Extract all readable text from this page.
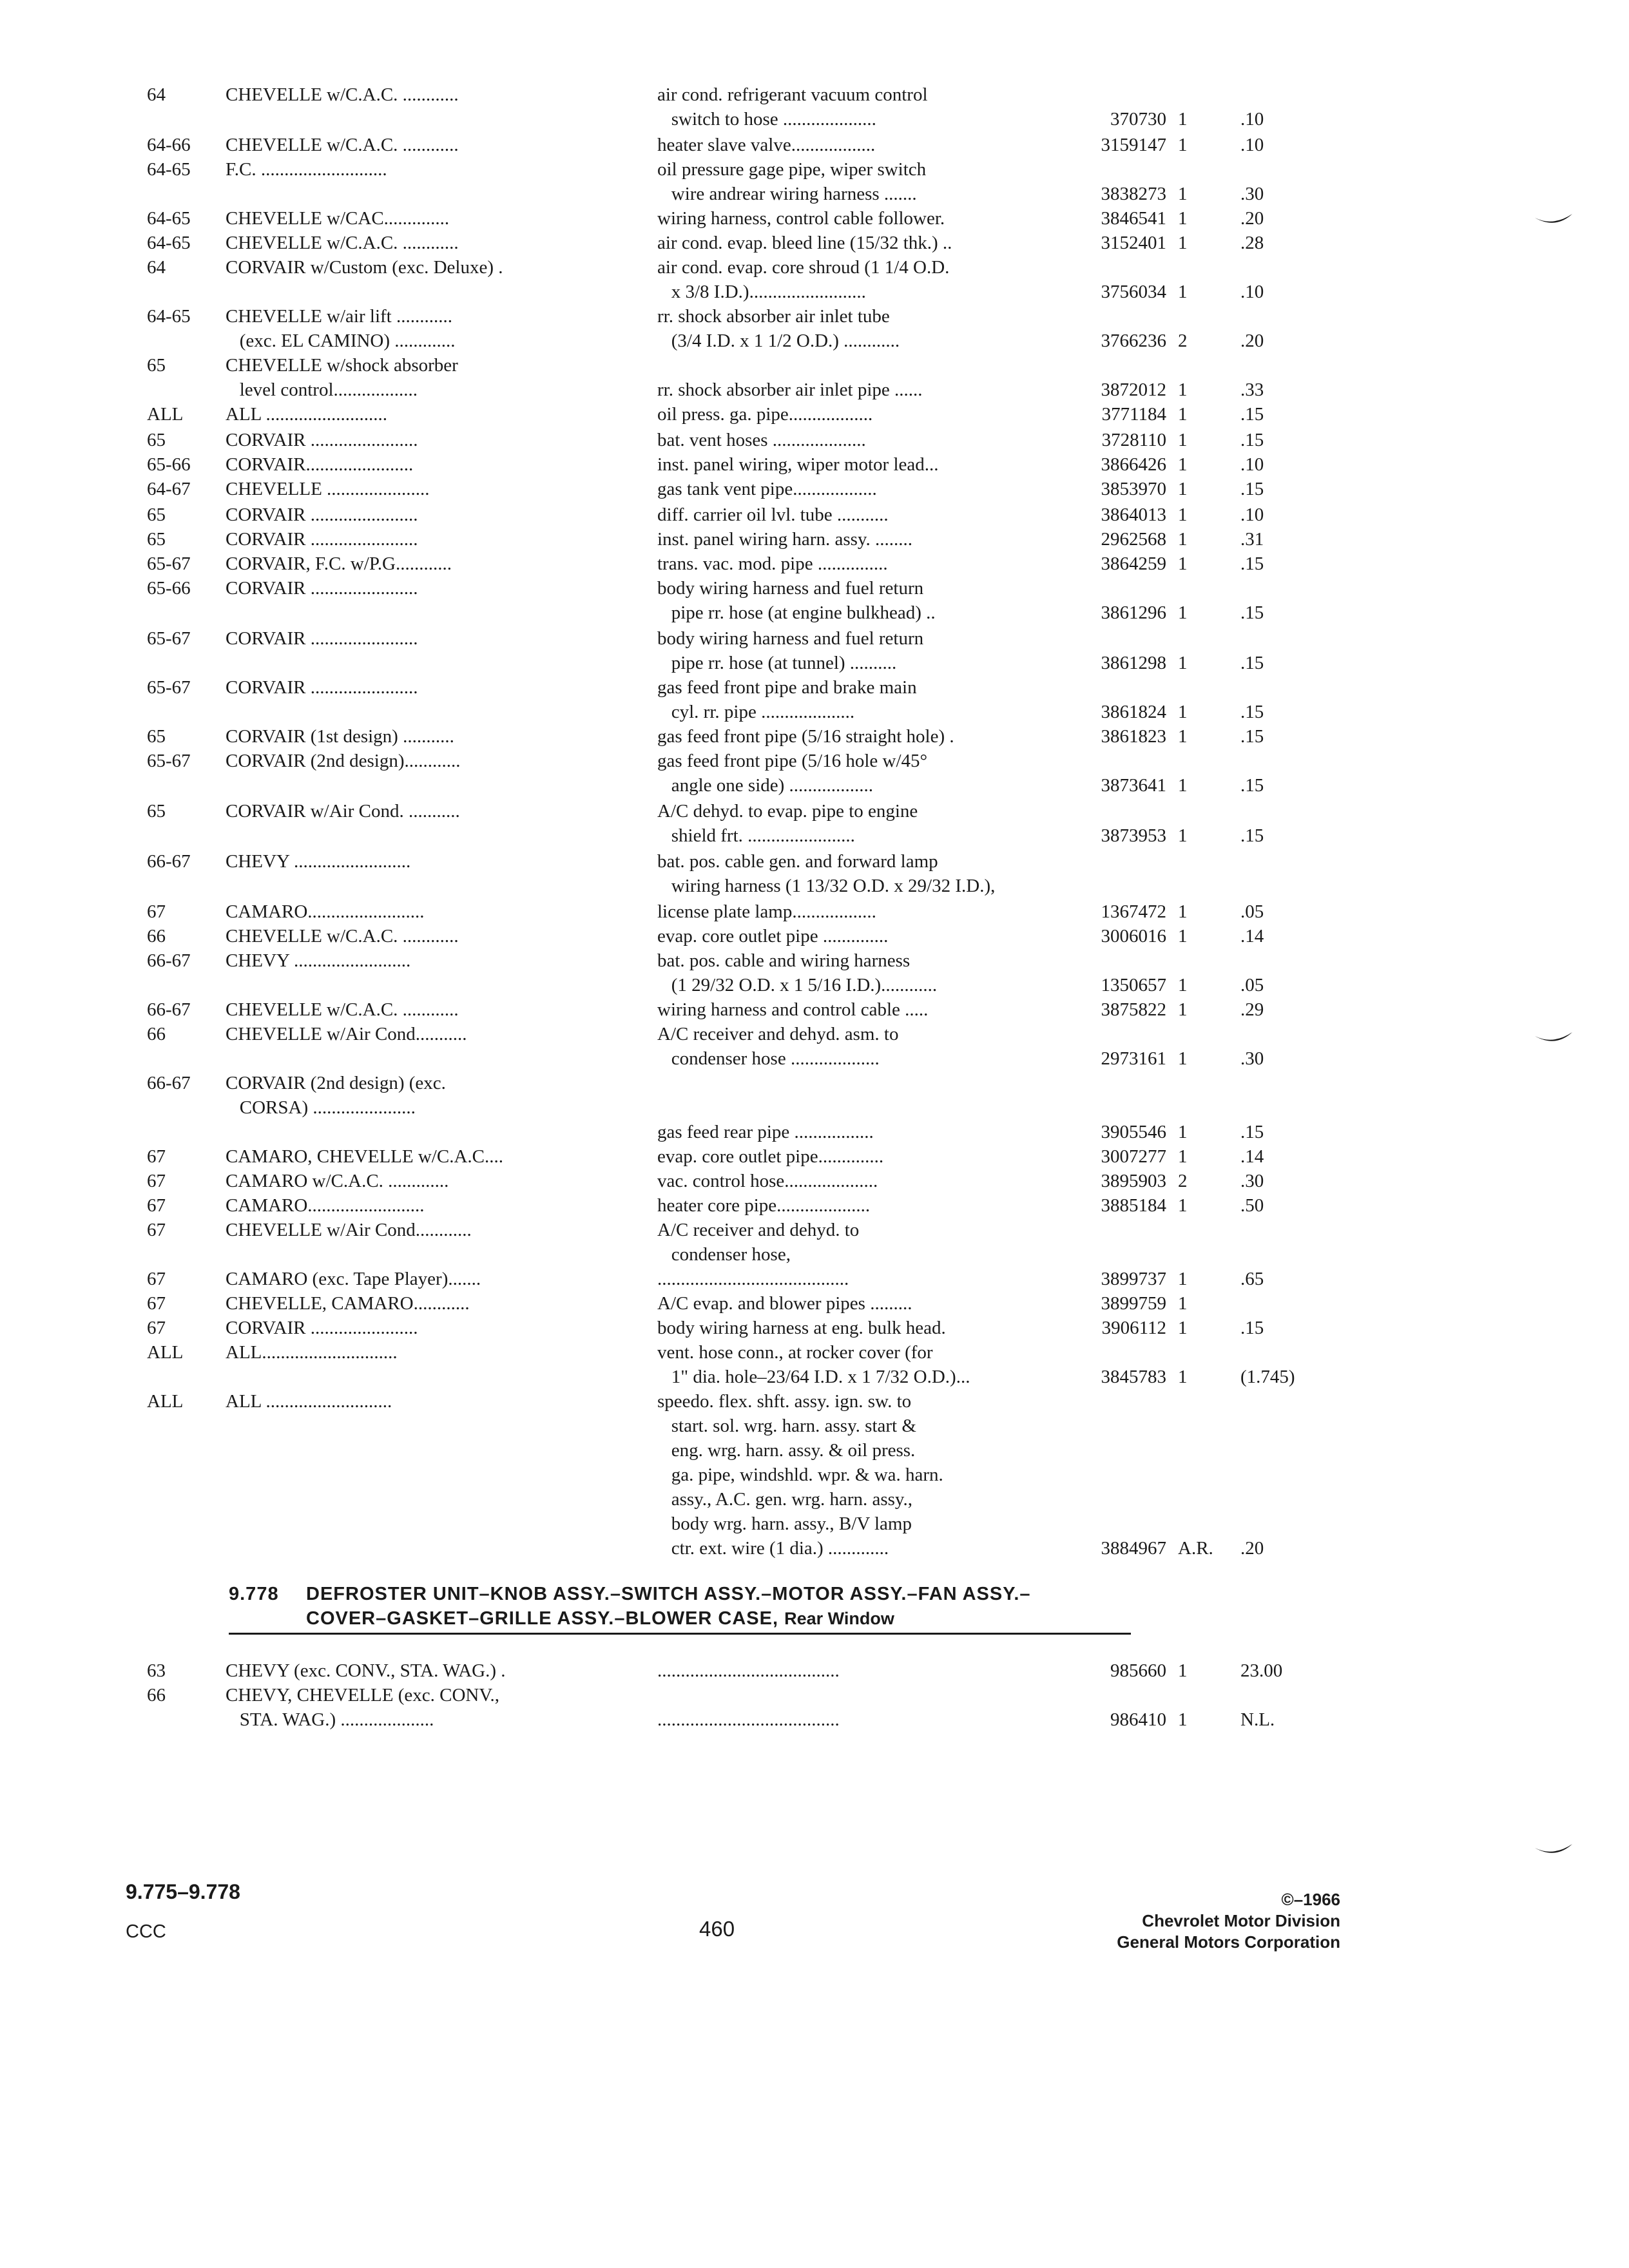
64	CHEVELLE w/C.A.C. ............	air cond. refrigerant vacuum control
switch to hose ....................	370730 1	.10
64-66	CHEVELLE w/C.A.C. ............	heater slave valve..................	3159147 1	.10
64-65	F.C. ...........................	oil pressure gage pipe, wiper switch
wire andrear wiring harness .......	3838273 1	.30
64-65	CHEVELLE w/CAC..............	wiring harness, control cable follower.	3846541 1	.20
64-65	CHEVELLE w/C.A.C. ............	air cond. evap. bleed line (15/32 thk.) ..	3152401 1	.28
64	CORVAIR w/Custom (exc. Deluxe) .	air cond. evap. core shroud (1 1/4 O.D.
x 3/8 I.D.).........................	3756034 1	.10
64-65	CHEVELLE w/air lift ............	rr. shock absorber air inlet tube
(exc. EL CAMINO) .............	(3/4 I.D. x 1 1/2 O.D.) ............	3766236 2	.20
65	CHEVELLE w/shock absorber
level control..................	rr. shock absorber air inlet pipe ......	3872012 1	.33
ALL	ALL ..........................	oil press. ga. pipe..................	3771184 1	.15
65	CORVAIR .......................	bat. vent hoses ....................	3728110 1	.15
65-66	CORVAIR.......................	inst. panel wiring, wiper motor lead...	3866426 1	.10
64-67	CHEVELLE ......................	gas tank vent pipe..................	3853970 1	.15
65	CORVAIR .......................	diff. carrier oil lvl. tube ...........	3864013 1	.10
65	CORVAIR .......................	inst. panel wiring harn. assy. ........	2962568 1	.31
65-67	CORVAIR, F.C. w/P.G............	trans. vac. mod. pipe ...............	3864259 1	.15
65-66	CORVAIR .......................	body wiring harness and fuel return
pipe rr. hose (at engine bulkhead) ..	3861296 1	.15
65-67	CORVAIR .......................	body wiring harness and fuel return
pipe rr. hose (at tunnel) ..........	3861298 1	.15
65-67	CORVAIR .......................	gas feed front pipe and brake main
cyl. rr. pipe ....................	3861824 1	.15
65	CORVAIR (1st design) ...........	gas feed front pipe (5/16 straight hole) .	3861823 1	.15
65-67	CORVAIR (2nd design)............	gas feed front pipe (5/16 hole w/45°
angle one side) ..................	3873641 1	.15
65	CORVAIR w/Air Cond. ...........	A/C dehyd. to evap. pipe to engine
shield frt. .......................	3873953 1	.15
66-67	CHEVY .........................	bat. pos. cable gen. and forward lamp
wiring harness (1 13/32 O.D. x 29/32 I.D.),
67	CAMARO.........................	license plate lamp..................	1367472 1	.05
66	CHEVELLE w/C.A.C. ............	evap. core outlet pipe ..............	3006016 1	.14
66-67	CHEVY .........................	bat. pos. cable and wiring harness
(1 29/32 O.D. x 1 5/16 I.D.)............	1350657 1	.05
66-67	CHEVELLE w/C.A.C. ............	wiring harness and control cable .....	3875822 1	.29
66	CHEVELLE w/Air Cond...........	A/C receiver and dehyd. asm. to
condenser hose ...................	2973161 1	.30
66-67	CORVAIR (2nd design) (exc.
CORSA) ......................
gas feed rear pipe .................	3905546 1	.15
67	CAMARO, CHEVELLE w/C.A.C....	evap. core outlet pipe..............	3007277 1	.14
67	CAMARO w/C.A.C. .............	vac. control hose....................	3895903 2	.30
67	CAMARO.........................	heater core pipe....................	3885184 1	.50
67	CHEVELLE w/Air Cond............	A/C receiver and dehyd. to
condenser hose,
67	CAMARO (exc. Tape Player).......	.........................................	3899737 1	.65
67	CHEVELLE, CAMARO............	A/C evap. and blower pipes .........	3899759 1
67	CORVAIR .......................	body wiring harness at eng. bulk head.	3906112 1	.15
ALL	ALL.............................	vent. hose conn., at rocker cover (for
1" dia. hole–23/64 I.D. x 1 7/32 O.D.)...	3845783 1	(1.745)
ALL	ALL ...........................	speedo. flex. shft. assy. ign. sw. to
start. sol. wrg. harn. assy. start &
eng. wrg. harn. assy. & oil press.
ga. pipe, windshld. wpr. & wa. harn.
assy., A.C. gen. wrg. harn. assy.,
body wrg. harn. assy., B/V lamp
ctr. ext. wire (1 dia.) .............	3884967 A.R.	.20
63	CHEVY (exc. CONV., STA. WAG.) .	.......................................	985660 1	23.00
66	CHEVY, CHEVELLE (exc. CONV.,
STA. WAG.) ....................	.......................................	986410 1	N.L.
9.778 DEFROSTER UNIT–KNOB ASSY.–SWITCH ASSY.–MOTOR ASSY.–FAN ASSY.–
COVER–GASKET–GRILLE ASSY.–BLOWER CASE, Rear Window
9.775–9.778
CCC	460
©–1966
Chevrolet Motor Division
General Motors Corporation
